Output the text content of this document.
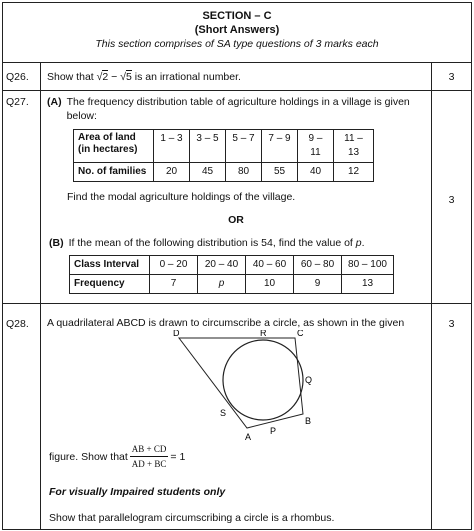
SECTION – C
(Short Answers)
This section comprises of SA type questions of 3 marks each
Q26.	Show that √2 − √5 is an irrational number.	3
Q27.	(A) The frequency distribution table of agriculture holdings in a village is given below:
Area of land
(in hectares)	1 – 3	3 – 5	5 – 7	7 – 9	9 – 11	11 – 13
No. of families	20	45	80	55	40	12
Find the modal agriculture holdings of the village.
OR
(B) If the mean of the following distribution is 54, find the value of p.
Class Interval	0 – 20	20 – 40	40 – 60	60 – 80	80 – 100
Frequency	7	p	10	9	13
	3
Q28.	A quadrilateral ABCD is drawn to circumscribe a circle, as shown in the given
D	R	C
Q
S
B
A
P
figure. Show that $\frac{AB + CD}{AD + BC} = 1$
For visually Impaired students only
Show that parallelogram circumscribing a circle is a rhombus.
	3
